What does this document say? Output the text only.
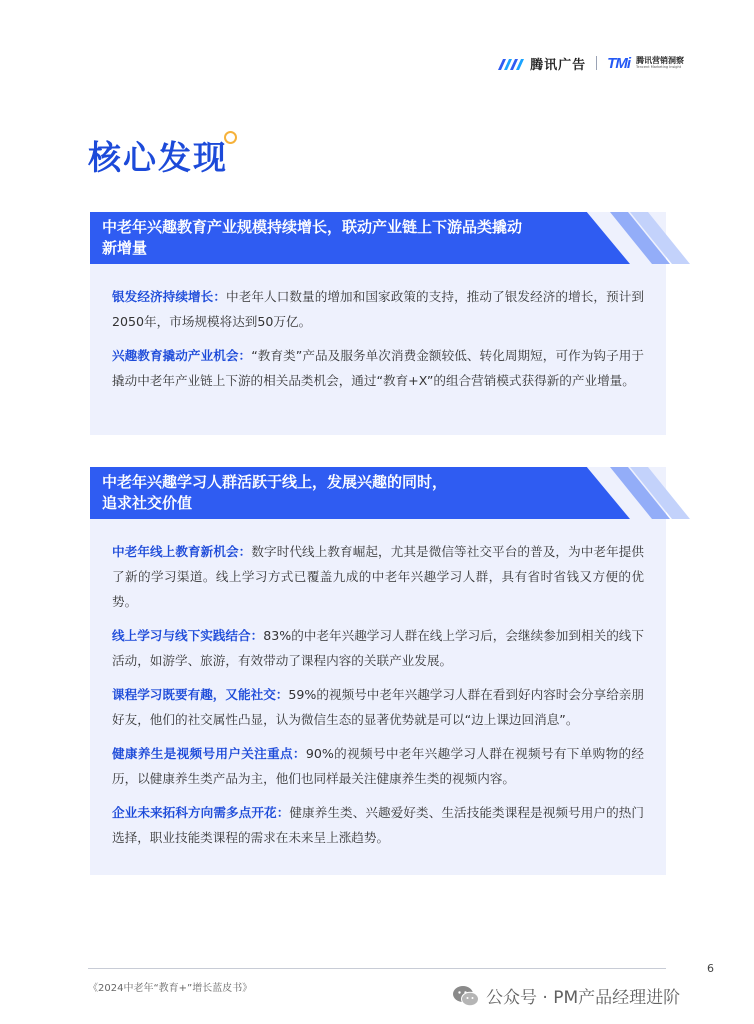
腾讯广告 TMi 腾讯营销洞察
Tencent Marketing Insight
核心发现
中老年兴趣教育产业规模持续增长，联动产业链上下游品类撬动
新增量

银发经济持续增长：中老年人口数量的增加和国家政策的支持，推动了银发经济的增长，预计到2050年，市场规模将达到50万亿。

兴趣教育撬动产业机会：“教育类”产品及服务单次消费金额较低、转化周期短，可作为钩子用于撬动中老年产业链上下游的相关品类机会，通过“教育+X”的组合营销模式获得新的产业增量。

中老年兴趣学习人群活跃于线上，发展兴趣的同时，
追求社交价值

中老年线上教育新机会：数字时代线上教育崛起，尤其是微信等社交平台的普及，为中老年提供了新的学习渠道。线上学习方式已覆盖九成的中老年兴趣学习人群，具有省时省钱又方便的优势。

线上学习与线下实践结合：83%的中老年兴趣学习人群在线上学习后，会继续参加到相关的线下活动，如游学、旅游，有效带动了课程内容的关联产业发展。

课程学习既要有趣，又能社交：59%的视频号中老年兴趣学习人群在看到好内容时会分享给亲朋好友，他们的社交属性凸显，认为微信生态的显著优势就是可以“边上课边回消息”。

健康养生是视频号用户关注重点：90%的视频号中老年兴趣学习人群在视频号有下单购物的经历，以健康养生类产品为主，他们也同样最关注健康养生类的视频内容。

企业未来拓科方向需多点开花：健康养生类、兴趣爱好类、生活技能类课程是视频号用户的热门选择，职业技能类课程的需求在未来呈上涨趋势。

6
《2024中老年“教育+”增长蓝皮书》	公众号 · PM产品经理进阶
